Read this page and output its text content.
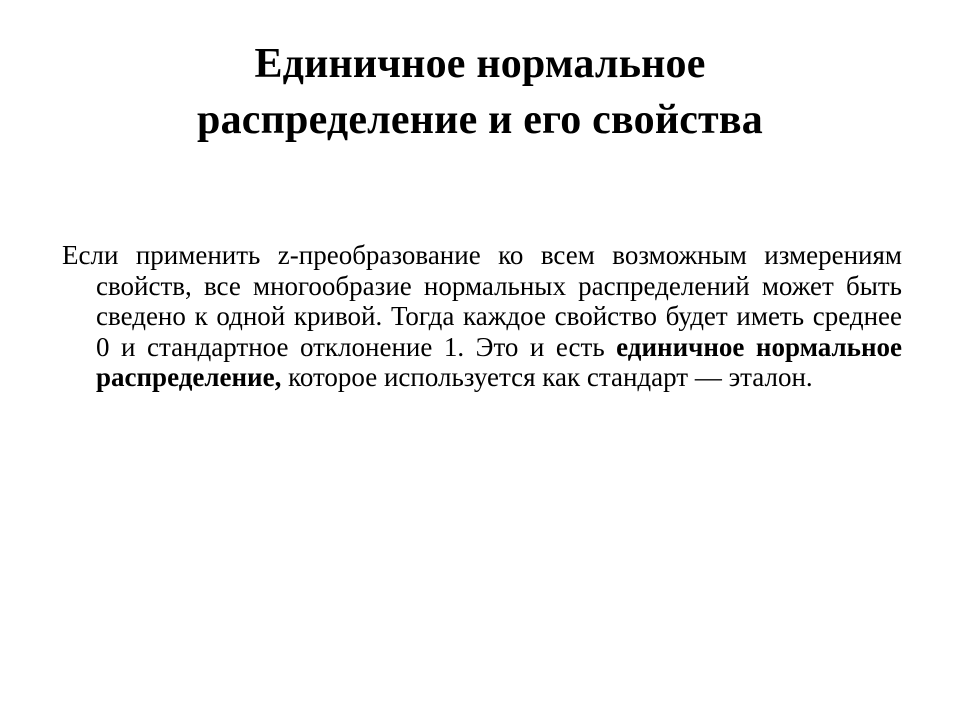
Единичное нормальное
распределение и его свойства

Если применить z-преобразование ко всем возможным измерениям свойств, все многообразие нормальных распределений может быть сведено к одной кривой. Тогда каждое свойство будет иметь среднее 0 и стандартное отклонение 1. Это и есть единичное нормальное распределение, которое используется как стандарт — эталон.
